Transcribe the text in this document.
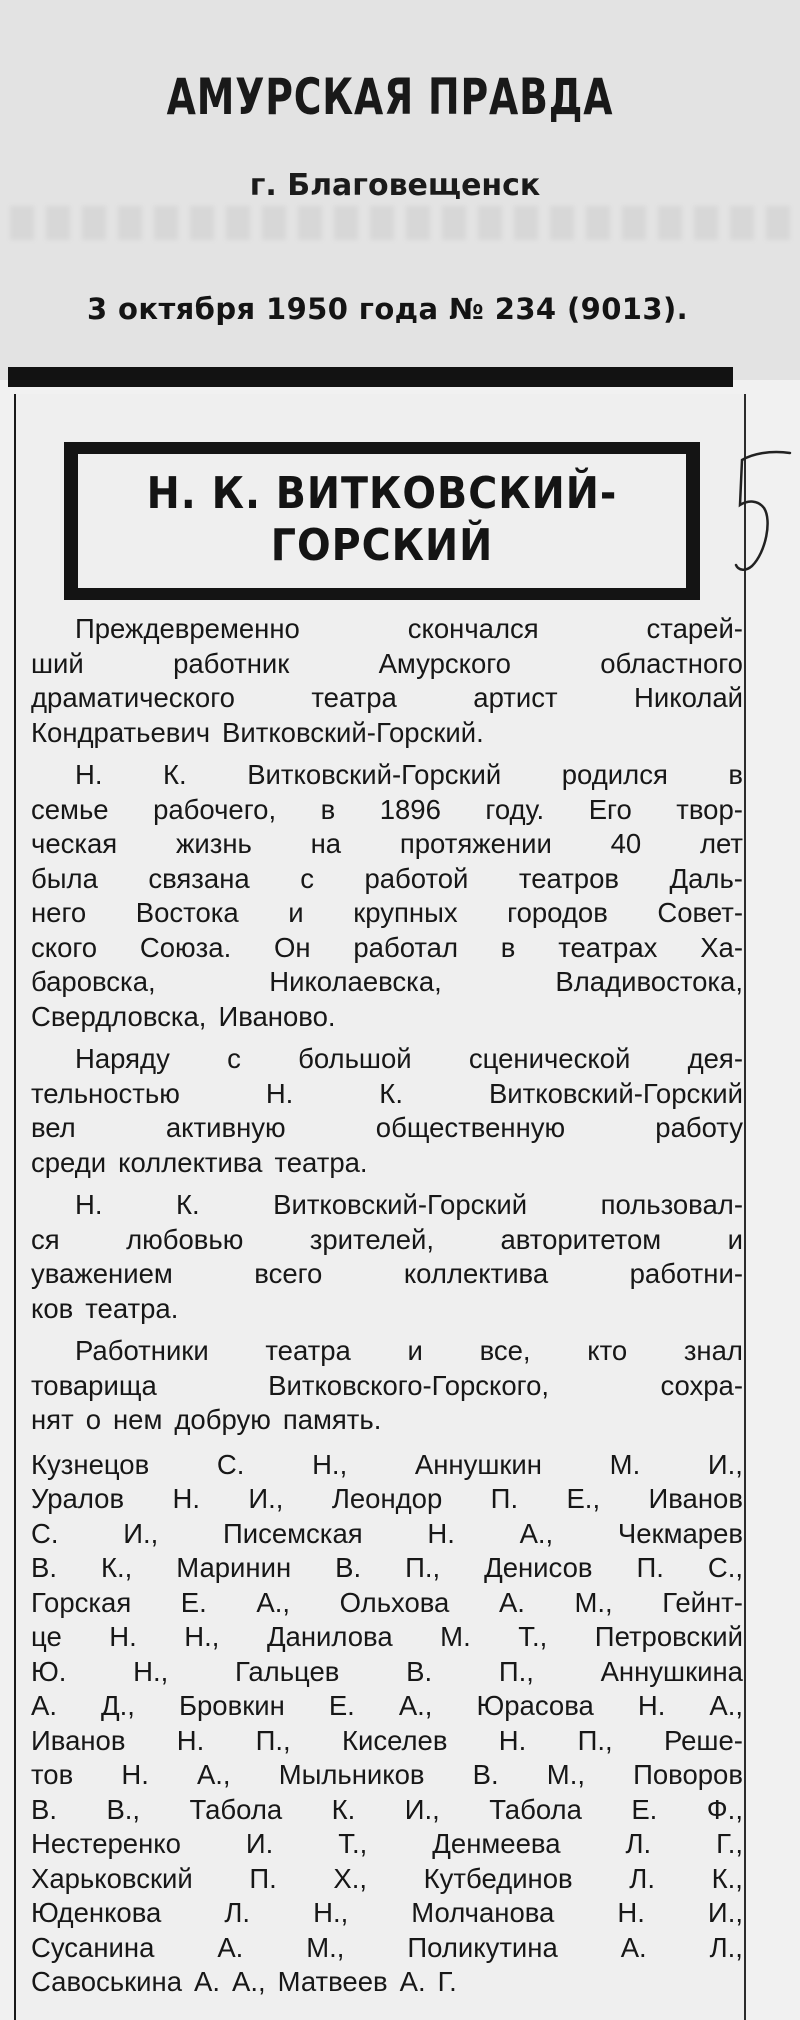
АМУРСКАЯ ПРАВДА
г. Благовещенск
3 октября 1950 года № 234 (9013).
Н. К. ВИТКОВСКИЙ-
ГОРСКИЙ
Преждевременно	скончался	старей-
ший	работник	Амурского	областного
драматического	театра	артист	Николай
Кондратьевич Витковский-Горский.
Н. К. Витковский-Горский родился в
семье рабочего, в 1896 году. Его твор-
ческая жизнь на протяжении 40 лет
была связана с работой театров Даль-
него Востока и крупных городов Совет-
ского Союза. Он работал в театрах Ха-
баровска,	Николаевска,	Владивостока,
Свердловска, Иваново.
Наряду с большой сценической дея-
тельностью	Н.	К.	Витковский-Горский
вел	активную	общественную	работу
среди коллектива театра.
Н.	К.	Витковский-Горский	пользовал-
ся любовью зрителей, авторитетом и
уважением	всего	коллектива	работни-
ков театра.
Работники театра и все, кто знал
товарища	Витковского-Горского,	сохра-
нят о нем добрую память.
Кузнецов С. Н., Аннушкин М. И.,
Уралов Н. И., Леондор П. Е., Иванов
С. И., Писемская Н. А., Чекмарев
В. К., Маринин В. П., Денисов П. С.,
Горская Е. А., Ольхова А. М., Гейнт-
це Н. Н., Данилова М. Т., Петровский
Ю. Н., Гальцев В. П., Аннушкина
А. Д., Бровкин Е. А., Юрасова Н. А.,
Иванов Н. П., Киселев Н. П., Реше-
тов Н. А., Мыльников В. М., Поворов
В. В., Табола К. И., Табола Е. Ф.,
Нестеренко И. Т., Денмеева Л. Г.,
Харьковский П. Х., Кутбединов Л. К.,
Юденкова Л. Н., Молчанова Н. И.,
Сусанина А. М., Поликутина А. Л.,
Савоськина А. А., Матвеев А. Г.
